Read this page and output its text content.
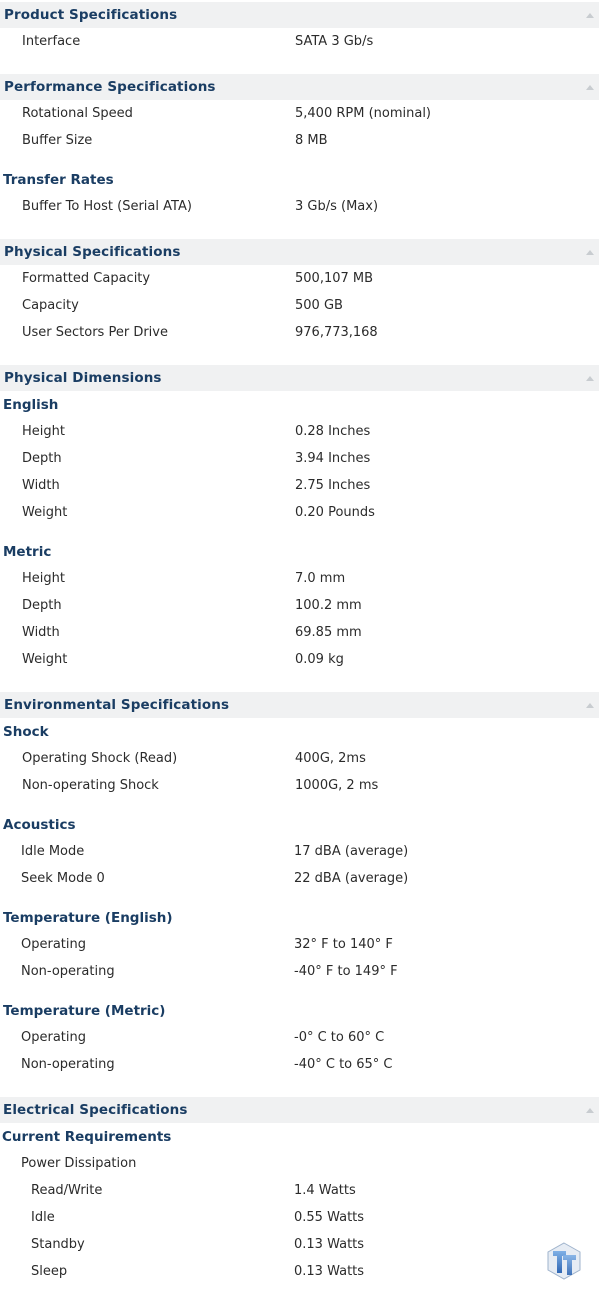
Product Specifications
Interface	SATA 3 Gb/s
Performance Specifications
Rotational Speed	5,400 RPM (nominal)
Buffer Size	8 MB
Transfer Rates
Buffer To Host (Serial ATA)	3 Gb/s (Max)
Physical Specifications
Formatted Capacity	500,107 MB
Capacity	500 GB
User Sectors Per Drive	976,773,168
Physical Dimensions
English
Height	0.28 Inches
Depth	3.94 Inches
Width	2.75 Inches
Weight	0.20 Pounds
Metric
Height	7.0 mm
Depth	100.2 mm
Width	69.85 mm
Weight	0.09 kg
Environmental Specifications
Shock
Operating Shock (Read)	400G, 2ms
Non-operating Shock	1000G, 2 ms
Acoustics
Idle Mode	17 dBA (average)
Seek Mode 0	22 dBA (average)
Temperature (English)
Operating	32° F to 140° F
Non-operating	-40° F to 149° F
Temperature (Metric)
Operating	-0° C to 60° C
Non-operating	-40° C to 65° C
Electrical Specifications
Current Requirements
Power Dissipation
Read/Write	1.4 Watts
Idle	0.55 Watts
Standby	0.13 Watts
Sleep	0.13 Watts
